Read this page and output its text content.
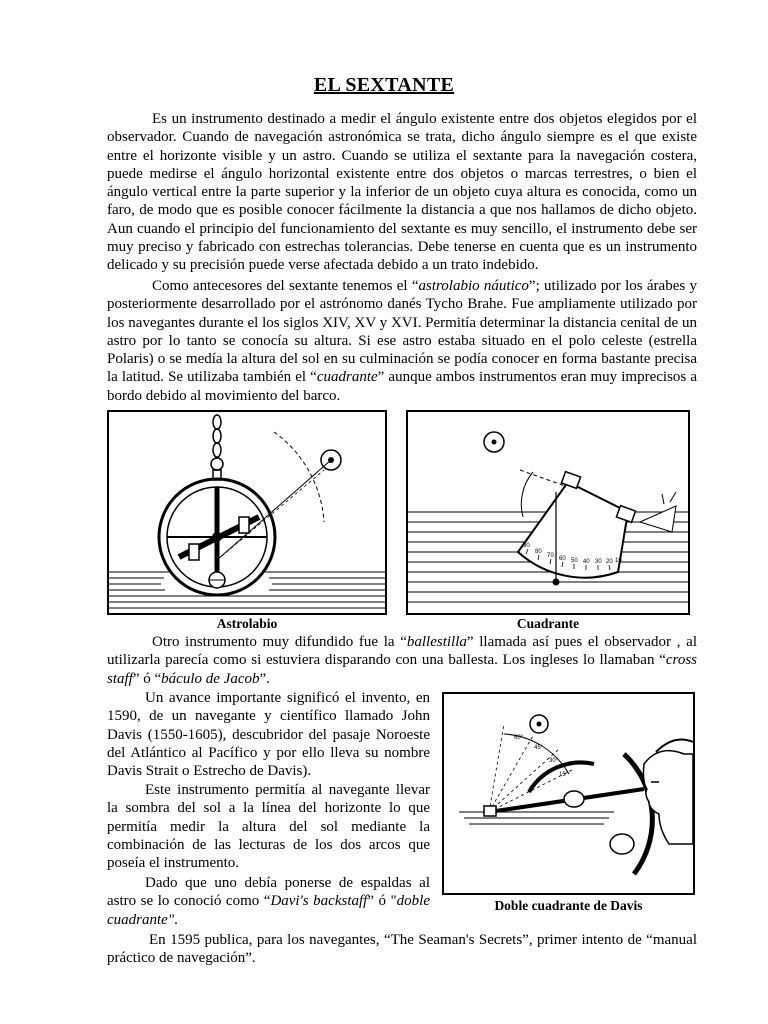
EL SEXTANTE

Es un instrumento destinado a medir el ángulo existente entre dos objetos elegidos por el observador. Cuando de navegación astronómica se trata, dicho ángulo siempre es el que existe entre el horizonte visible y un astro. Cuando se utiliza el sextante para la navegación costera, puede medirse el ángulo horizontal existente entre dos objetos o marcas terrestres, o bien el ángulo vertical entre la parte superior y la inferior de un objeto cuya altura es conocida, como un faro, de modo que es posible conocer fácilmente la distancia a que nos hallamos de dicho objeto. Aun cuando el principio del funcionamiento del sextante es muy sencillo, el instrumento debe ser muy preciso y fabricado con estrechas tolerancias. Debe tenerse en cuenta que es un instrumento delicado y su precisión puede verse afectada debido a un trato indebido.

Como antecesores del sextante tenemos el “astrolabio náutico”; utilizado por los árabes y posteriormente desarrollado por el astrónomo danés Tycho Brahe. Fue ampliamente utilizado por los navegantes durante el los siglos XIV, XV y XVI. Permitía determinar la distancia cenital de un astro por lo tanto se conocía su altura. Si ese astro estaba situado en el polo celeste (estrella Polaris) o se medía la altura del sol en su culminación se podía conocer en forma bastante precisa la latitud. Se utilizaba también el “cuadrante” aunque ambos instrumentos eran muy imprecisos a bordo debido al movimiento del barco.

Astrolabio
90
80
70 60 50 40 30 20 10
Cuadrante

Otro instrumento muy difundido fue la “ballestilla” llamada así pues el observador , al utilizarla parecía como si estuviera disparando con una ballesta. Los ingleses lo llamaban “cross staff” ó “báculo de Jacob”.

Un avance importante significó el invento, en 1590, de un navegante y científico llamado John Davis (1550-1605), descubridor del pasaje Noroeste del Atlántico al Pacífico y por ello lleva su nombre Davis Strait o Estrecho de Davis).

Este instrumento permitía al navegante llevar la sombra del sol a la línea del horizonte lo que permitía medir la altura del sol mediante la combinación de las lecturas de los dos arcos que poseía el instrumento.

Dado que uno debía ponerse de espaldas al astro se lo conoció como “Davi's backstaff” ó "doble cuadrante".

60°
45°
30°
15°
Doble cuadrante de Davis

En 1595 publica, para los navegantes, “The Seaman's Secrets”, primer intento de “manual práctico de navegación”.
